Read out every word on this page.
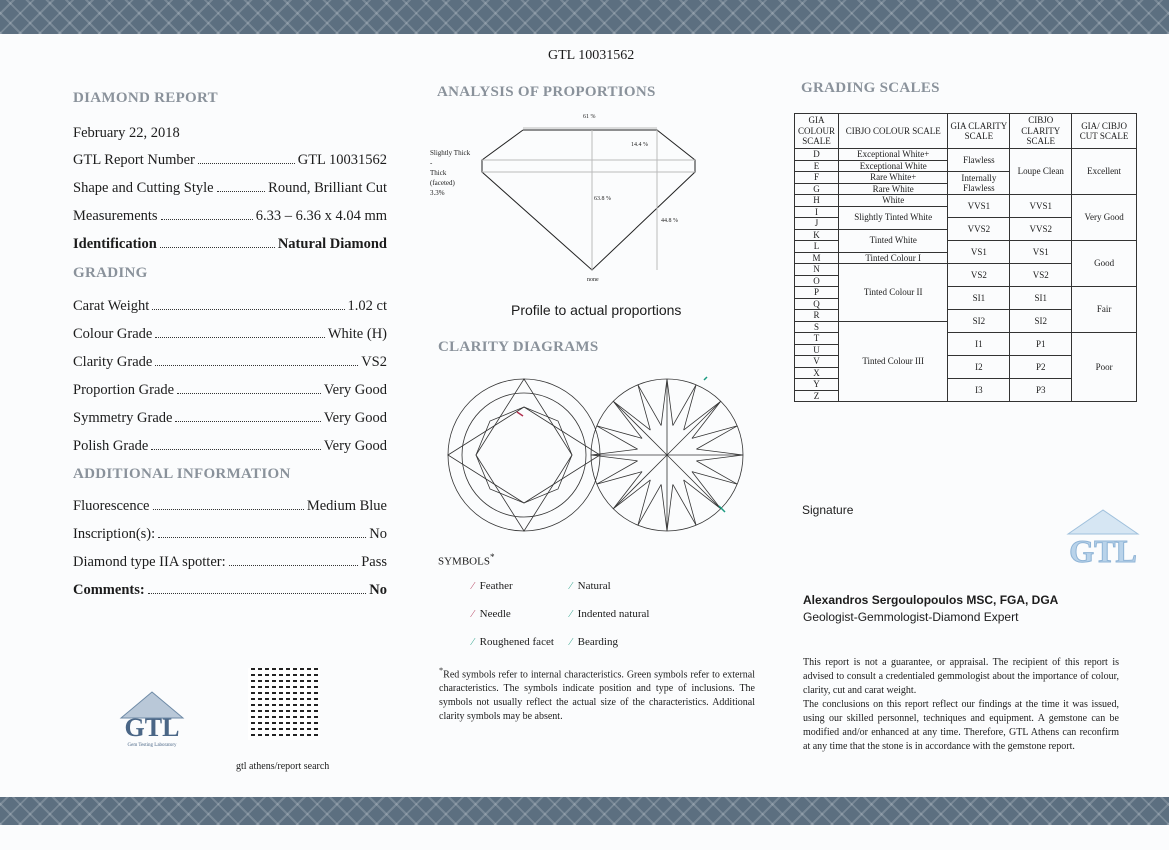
GTL 10031562
DIAMOND REPORT
February 22, 2018
GTL Report Number	GTL 10031562
Shape and Cutting Style	Round, Brilliant Cut
Measurements	6.33 – 6.36 x 4.04 mm
Identification	Natural Diamond
Carat Weight	1.02 ct
Colour Grade	White (H)
Clarity Grade	VS2
Proportion Grade	Very Good
Symmetry Grade	Very Good
Polish Grade	Very Good
Fluorescence	Medium Blue
Inscription(s):	No
Diamond type IIA spotter:	Pass
Comments:	No
GRADING
ADDITIONAL INFORMATION
GTL
Gem Testing Laboratory
gtl athens/report search
ANALYSIS OF PROPORTIONS
61 %
14.4 %
63.8 %
44.8 %
Slightly Thick
-
Thick
(faceted)
3.3%
none
Profile to actual proportions
CLARITY DIAGRAMS
SYMBOLS*
⁄ Feather	⁄ Natural
⁄ Needle	⁄ Indented natural
⁄ Roughened facet ⁄ Bearding
*Red symbols refer to internal characteristics. Green symbols refer to external characteristics. The symbols indicate position and type of inclusions. The symbols not usually reflect the actual size of the characteristics. Additional clarity symbols may be absent.
GRADING SCALES
GIA COLOUR SCALE	CIBJO COLOUR SCALE	GIA CLARITY SCALE	CIBJO CLARITY SCALE	GIA/ CIBJO CUT SCALE
D	Exceptional White+	Flawless	Loupe Clean	Excellent
E	Exceptional White			
F	Rare White+	Internally Flawless		
G	Rare White			
H	White	VVS1	VVS1	Very Good
I	Slightly Tinted White			
J		VVS2	VVS2	
K	Tinted White			
L		VS1	VS1	Good
M	Tinted Colour I			
N	Tinted Colour II	VS2	VS2	
O				
P		SI1	SI1	Fair
Q				
R		SI2	SI2	
S	Tinted Colour III			
T		I1	P1	Poor
U				
V		I2	P2	
X				
Y		I3	P3	
Z				
Signature
GTL
Alexandros Sergoulopoulos MSC, FGA, DGA
Geologist-Gemmologist-Diamond Expert
This report is not a guarantee, or appraisal. The recipient of this report is advised to consult a credentialed gemmologist about the importance of colour, clarity, cut and carat weight.
The conclusions on this report reflect our findings at the time it was issued, using our skilled personnel, techniques and equipment. A gemstone can be modified and/or enhanced at any time. Therefore, GTL Athens can reconfirm at any time that the stone is in accordance with the gemstone report.
